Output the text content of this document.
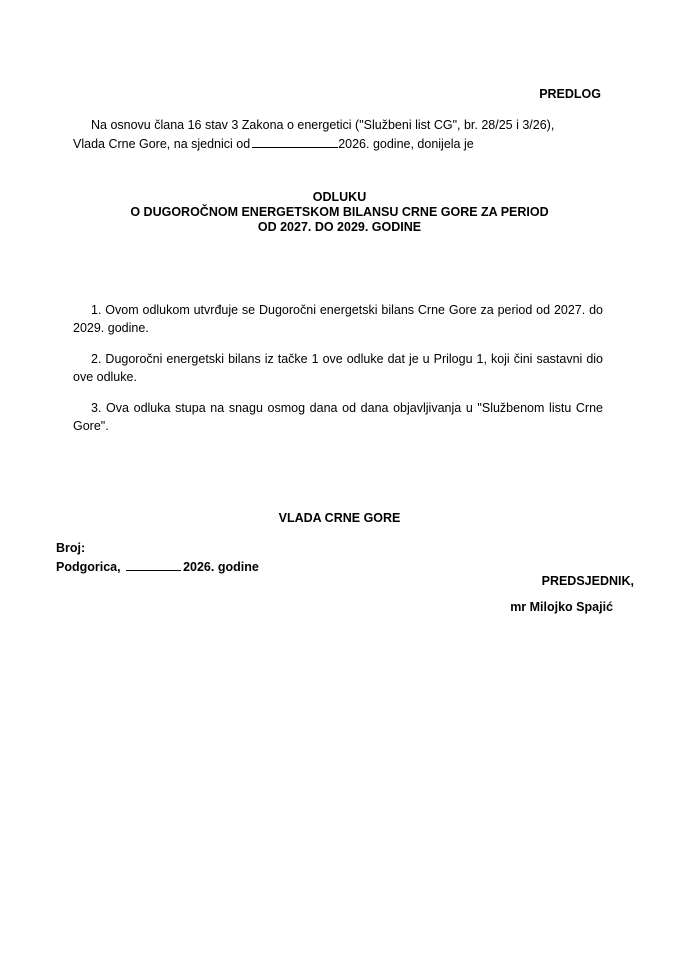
PREDLOG
Na osnovu člana 16 stav 3 Zakona o energetici ("Službeni list CG", br. 28/25 i 3/26),
Vlada Crne Gore, na sjednici od	2026. godine, donijela je
ODLUKU
O DUGOROČNOM ENERGETSKOM BILANSU CRNE GORE ZA PERIOD
OD 2027. DO 2029. GODINE
1. Ovom odlukom utvrđuje se Dugoročni energetski bilans Crne Gore za period od 2027. do 2029. godine.
2. Dugoročni energetski bilans iz tačke 1 ove odluke dat je u Prilogu 1, koji čini sastavni dio ove odluke.
3. Ova odluka stupa na snagu osmog dana od dana objavljivanja u "Službenom listu Crne Gore".
VLADA CRNE GORE
Broj:
Podgorica,	2026. godine
PREDSJEDNIK,
mr Milojko Spajić
